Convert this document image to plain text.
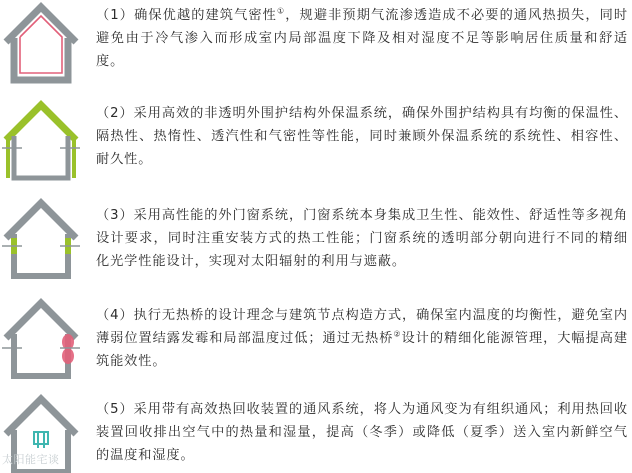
（1）确保优越的建筑气密性①，规避非预期气流渗透造成不必要的通风热损失，同时避免由于冷气渗入而形成室内局部温度下降及相对湿度不足等影响居住质量和舒适度。
（2）采用高效的非透明外围护结构外保温系统，确保外围护结构具有均衡的保温性、隔热性、热惰性、透汽性和气密性等性能，同时兼顾外保温系统的系统性、相容性、耐久性。
（3）采用高性能的外门窗系统，门窗系统本身集成卫生性、能效性、舒适性等多视角设计要求，同时注重安装方式的热工性能；门窗系统的透明部分朝向进行不同的精细化光学性能设计，实现对太阳辐射的利用与遮蔽。
（4）执行无热桥的设计理念与建筑节点构造方式，确保室内温度的均衡性，避免室内薄弱位置结露发霉和局部温度过低；通过无热桥②设计的精细化能源管理，大幅提高建筑能效性。
（5）采用带有高效热回收装置的通风系统，将人为通风变为有组织通风；利用热回收装置回收排出空气中的热量和湿量，提高（冬季）或降低（夏季）送入室内新鲜空气的温度和湿度。
太阳能宅谈
